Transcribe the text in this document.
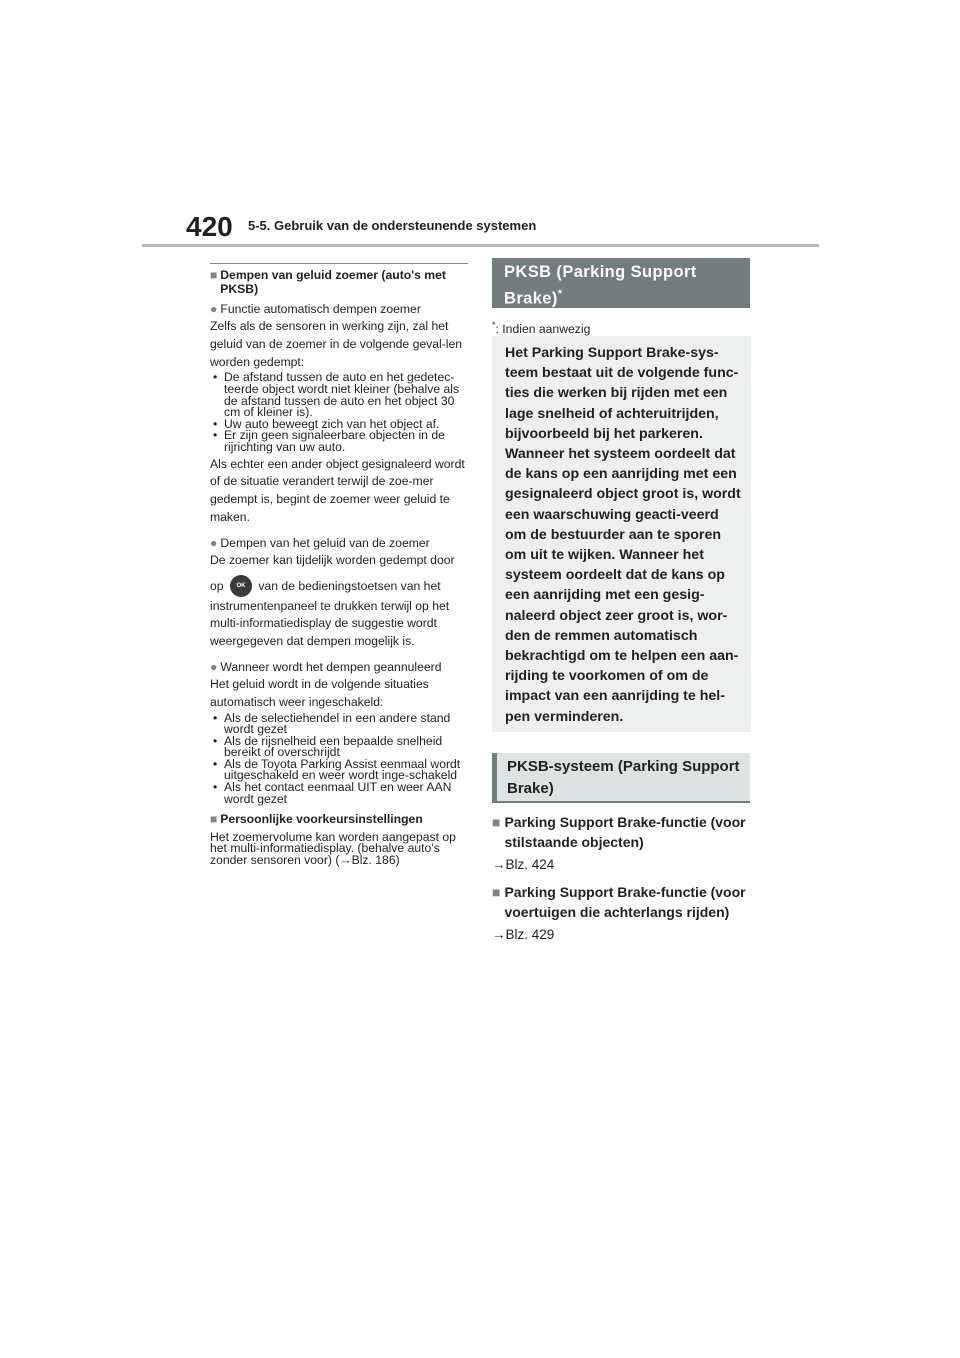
420 5-5. Gebruik van de ondersteunende systemen
■ Dempen van geluid zoemer (auto's met PKSB)
● Functie automatisch dempen zoemer

Zelfs als de sensoren in werking zijn, zal het geluid van de zoemer in de volgende geval-len worden gedempt:

• De afstand tussen de auto en het gedetec-teerde object wordt niet kleiner (behalve als de afstand tussen de auto en het object 30 cm of kleiner is).
• Uw auto beweegt zich van het object af.
• Er zijn geen signaleerbare objecten in de rijrichting van uw auto.

Als echter een ander object gesignaleerd wordt of de situatie verandert terwijl de zoe-mer gedempt is, begint de zoemer weer geluid te maken.

● Dempen van het geluid van de zoemer

De zoemer kan tijdelijk worden gedempt door

op OK van de bedieningstoetsen van het

instrumentenpaneel te drukken terwijl op het multi-informatiedisplay de suggestie wordt weergegeven dat dempen mogelijk is.

● Wanneer wordt het dempen geannuleerd

Het geluid wordt in de volgende situaties automatisch weer ingeschakeld:

• Als de selectiehendel in een andere stand wordt gezet
• Als de rijsnelheid een bepaalde snelheid bereikt of overschrijdt
• Als de Toyota Parking Assist eenmaal wordt uitgeschakeld en weer wordt inge-schakeld
• Als het contact eenmaal UIT en weer AAN wordt gezet
■ Persoonlijke voorkeursinstellingen

Het zoemervolume kan worden aangepast op het multi-informatiedisplay. (behalve auto's zonder sensoren voor) (→Blz. 186)

PKSB (Parking Support Brake)*
*: Indien aanwezig
Het Parking Support Brake-sys-teem bestaat uit de volgende func-ties die werken bij rijden met een lage snelheid of achteruitrijden, bijvoorbeeld bij het parkeren. Wanneer het systeem oordeelt dat de kans op een aanrijding met een gesignaleerd object groot is, wordt een waarschuwing geacti-veerd om de bestuurder aan te sporen om uit te wijken. Wanneer het systeem oordeelt dat de kans op een aanrijding met een gesig-naleerd object zeer groot is, wor-den de remmen automatisch bekrachtigd om te helpen een aan-rijding te voorkomen of om de impact van een aanrijding te hel-pen verminderen.
PKSB-systeem (Parking Support Brake)
■ Parking Support Brake-functie (voor stilstaande objecten)
→Blz. 424
■ Parking Support Brake-functie (voor voertuigen die achterlangs rijden)
→Blz. 429
